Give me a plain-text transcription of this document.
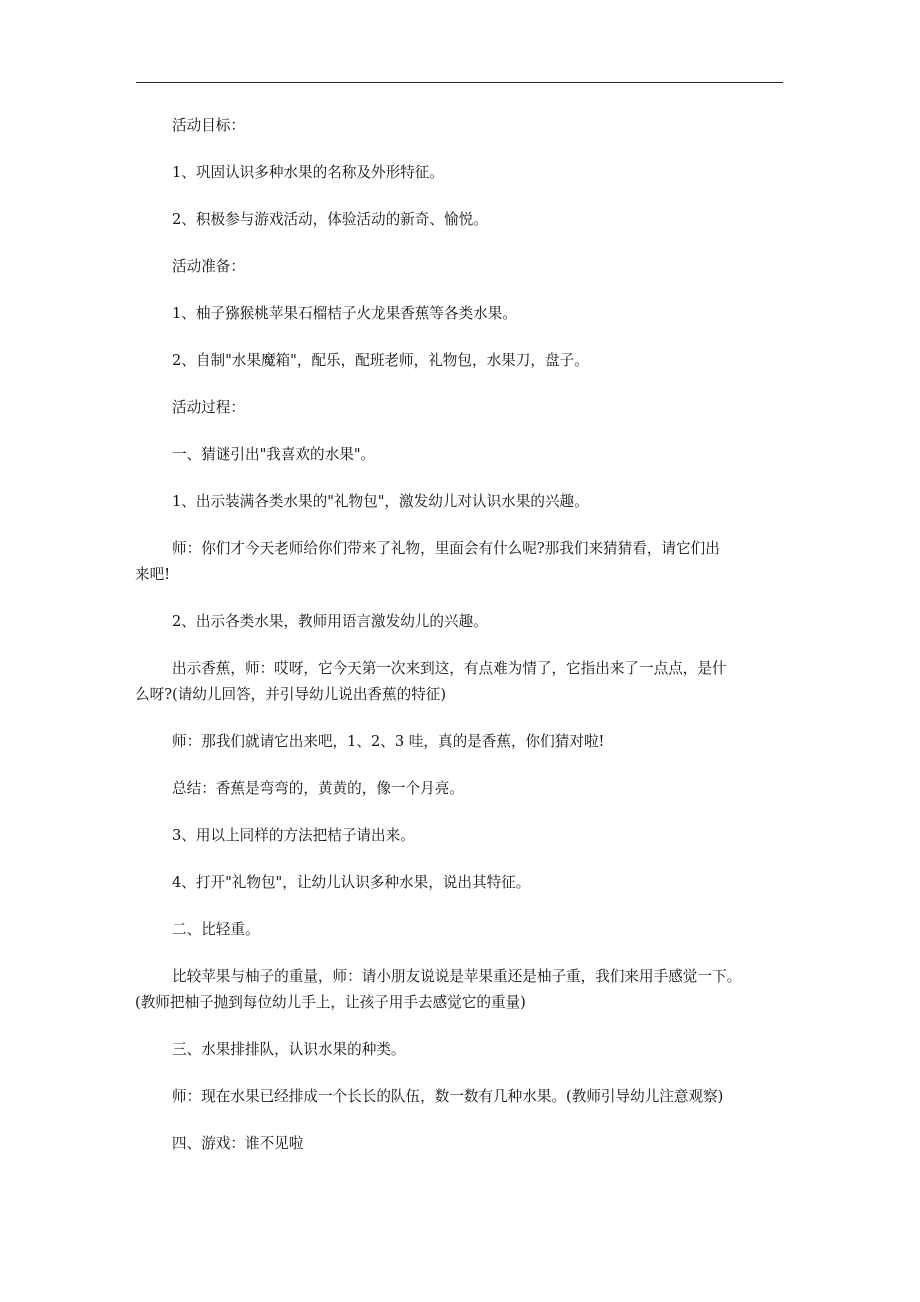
活动目标：

1、巩固认识多种水果的名称及外形特征。

2、积极参与游戏活动，体验活动的新奇、愉悦。

活动准备：

1、柚子猕猴桃苹果石榴桔子火龙果香蕉等各类水果。

2、自制"水果魔箱"，配乐，配班老师，礼物包，水果刀，盘子。

活动过程：

一、猜谜引出"我喜欢的水果"。

1、出示装满各类水果的"礼物包"，激发幼儿对认识水果的兴趣。

师：你们才今天老师给你们带来了礼物，里面会有什么呢?那我们来猜猜看，请它们出
来吧!

2、出示各类水果，教师用语言激发幼儿的兴趣。

出示香蕉，师：哎呀，它今天第一次来到这，有点难为情了，它指出来了一点点，是什
么呀?(请幼儿回答，并引导幼儿说出香蕉的特征)

师：那我们就请它出来吧，1、2、3 哇，真的是香蕉，你们猜对啦!

总结：香蕉是弯弯的，黄黄的，像一个月亮。

3、用以上同样的方法把桔子请出来。

4、打开"礼物包"，让幼儿认识多种水果，说出其特征。

二、比轻重。

比较苹果与柚子的重量，师：请小朋友说说是苹果重还是柚子重，我们来用手感觉一下。
(教师把柚子抛到每位幼儿手上，让孩子用手去感觉它的重量)

三、水果排排队，认识水果的种类。

师：现在水果已经排成一个长长的队伍，数一数有几种水果。(教师引导幼儿注意观察)

四、游戏：谁不见啦
